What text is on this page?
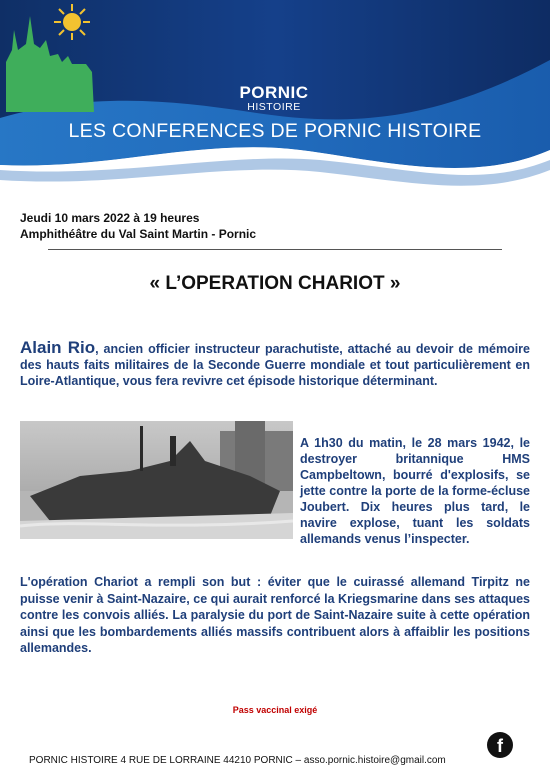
PORNIC
HISTOIRE
LES CONFERENCES DE PORNIC HISTOIRE
Jeudi 10 mars 2022 à 19 heures
Amphithéâtre du Val Saint Martin - Pornic
« L’OPERATION CHARIOT »
Alain Rio, ancien officier instructeur parachutiste, attaché au devoir de mémoire des hauts faits militaires de la Seconde Guerre mondiale et tout particulièrement en Loire-Atlantique, vous fera revivre cet épisode historique déterminant.
A 1h30 du matin, le 28 mars 1942, le destroyer britannique HMS Campbeltown, bourré d'explosifs, se jette contre la porte de la forme-écluse Joubert. Dix heures plus tard, le navire explose, tuant les soldats allemands venus l’inspecter.
L'opération Chariot a rempli son but : éviter que le cuirassé allemand Tirpitz ne puisse venir à Saint-Nazaire, ce qui aurait renforcé la Kriegsmarine dans ses attaques contre les convois alliés. La paralysie du port de Saint-Nazaire suite à cette opération ainsi que les bombardements alliés massifs contribuent alors à affaiblir les positions allemandes.
Pass vaccinal exigé
f
PORNIC HISTOIRE 4 RUE DE LORRAINE 44210 PORNIC – asso.pornic.histoire@gmail.com
